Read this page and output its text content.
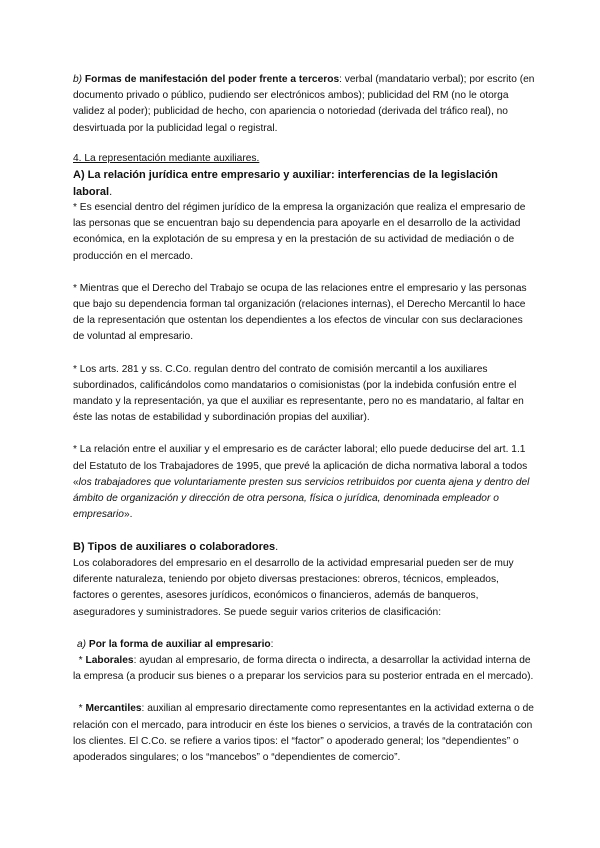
b) Formas de manifestación del poder frente a terceros: verbal (mandatario verbal); por escrito (en documento privado o público, pudiendo ser electrónicos ambos); publicidad del RM (no le otorga validez al poder); publicidad de hecho, con apariencia o notoriedad (derivada del tráfico real), no desvirtuada por la publicidad legal o registral.

4. La representación mediante auxiliares.

A) La relación jurídica entre empresario y auxiliar: interferencias de la legislación laboral.

* Es esencial dentro del régimen jurídico de la empresa la organización que realiza el empresario de las personas que se encuentran bajo su dependencia para apoyarle en el desarrollo de la actividad económica, en la explotación de su empresa y en la prestación de su actividad de mediación o de producción en el mercado.

* Mientras que el Derecho del Trabajo se ocupa de las relaciones entre el empresario y las personas que bajo su dependencia forman tal organización (relaciones internas), el Derecho Mercantil lo hace de la representación que ostentan los dependientes a los efectos de vincular con sus declaraciones de voluntad al empresario.

* Los arts. 281 y ss. C.Co. regulan dentro del contrato de comisión mercantil a los auxiliares subordinados, calificándolos como mandatarios o comisionistas (por la indebida confusión entre el mandato y la representación, ya que el auxiliar es representante, pero no es mandatario, al faltar en éste las notas de estabilidad y subordinación propias del auxiliar).

* La relación entre el auxiliar y el empresario es de carácter laboral; ello puede deducirse del art. 1.1 del Estatuto de los Trabajadores de 1995, que prevé la aplicación de dicha normativa laboral a todos «los trabajadores que voluntariamente presten sus servicios retribuidos por cuenta ajena y dentro del ámbito de organización y dirección de otra persona, física o jurídica, denominada empleador o empresario».

B) Tipos de auxiliares o colaboradores.

Los colaboradores del empresario en el desarrollo de la actividad empresarial pueden ser de muy diferente naturaleza, teniendo por objeto diversas prestaciones: obreros, técnicos, empleados, factores o gerentes, asesores jurídicos, económicos o financieros, además de banqueros, aseguradores y suministradores. Se puede seguir varios criterios de clasificación:

a) Por la forma de auxiliar al empresario:

* Laborales: ayudan al empresario, de forma directa o indirecta, a desarrollar la actividad interna de la empresa (a producir sus bienes o a preparar los servicios para su posterior entrada en el mercado).

* Mercantiles: auxilian al empresario directamente como representantes en la actividad externa o de relación con el mercado, para introducir en éste los bienes o servicios, a través de la contratación con los clientes. El C.Co. se refiere a varios tipos: el “factor” o apoderado general; los “dependientes” o apoderados singulares; o los “mancebos” o “dependientes de comercio”.
